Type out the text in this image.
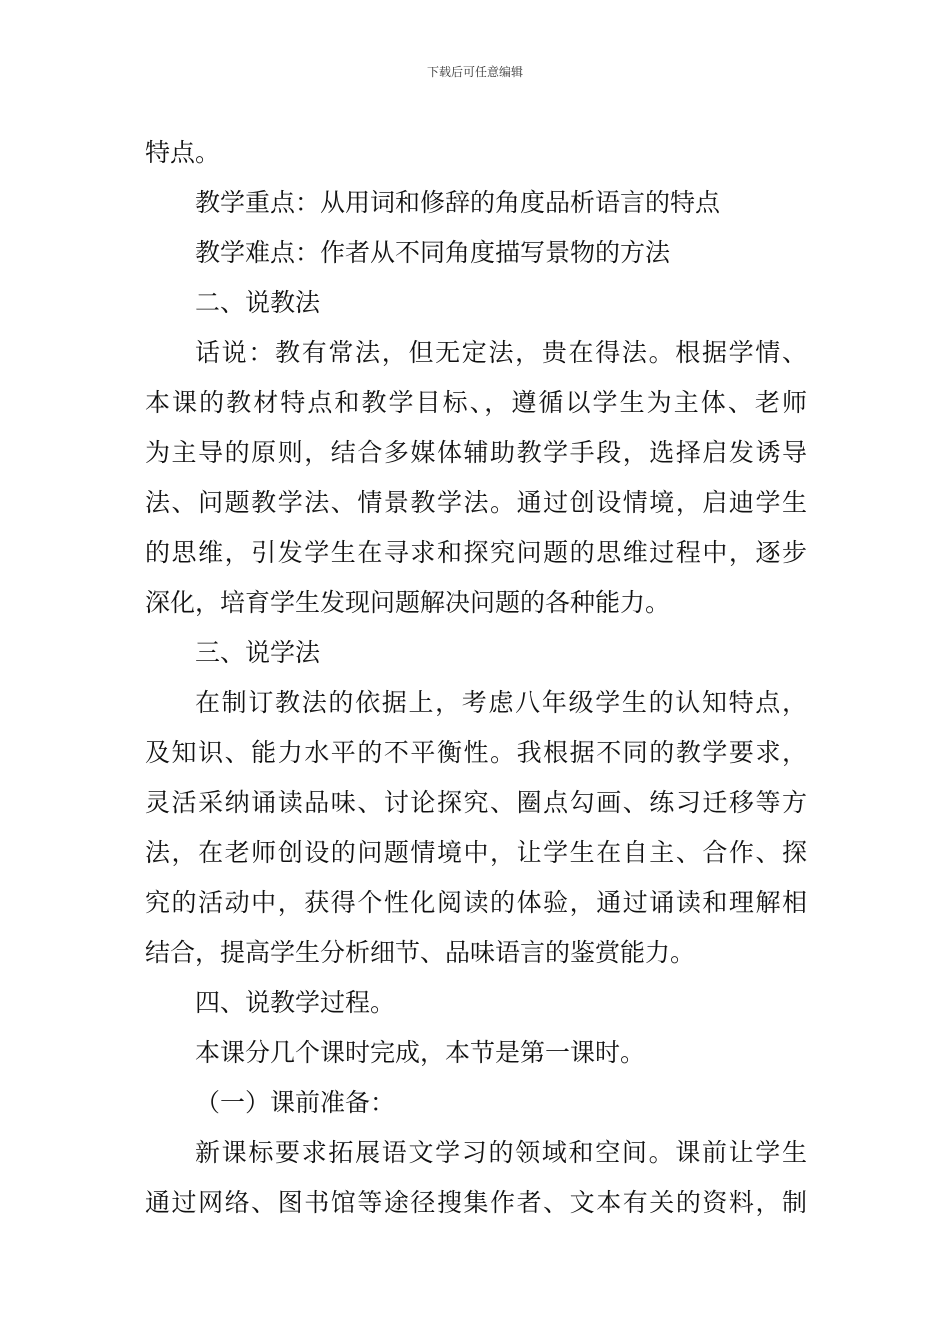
下载后可任意编辑
特点。
教学重点：从用词和修辞的角度品析语言的特点
教学难点：作者从不同角度描写景物的方法
二、说教法
话说：教有常法，但无定法，贵在得法。根据学情、
本课的教材特点和教学目标、，遵循以学生为主体、老师
为主导的原则，结合多媒体辅助教学手段，选择启发诱导
法、问题教学法、情景教学法。通过创设情境，启迪学生
的思维，引发学生在寻求和探究问题的思维过程中，逐步
深化，培育学生发现问题解决问题的各种能力。
三、说学法
在制订教法的依据上，考虑八年级学生的认知特点，
及知识、能力水平的不平衡性。我根据不同的教学要求，
灵活采纳诵读品味、讨论探究、圈点勾画、练习迁移等方
法，在老师创设的问题情境中，让学生在自主、合作、探
究的活动中，获得个性化阅读的体验，通过诵读和理解相
结合，提高学生分析细节、品味语言的鉴赏能力。
四、说教学过程。
本课分几个课时完成，本节是第一课时。
（一）课前准备：
新课标要求拓展语文学习的领域和空间。课前让学生
通过网络、图书馆等途径搜集作者、文本有关的资料，制
